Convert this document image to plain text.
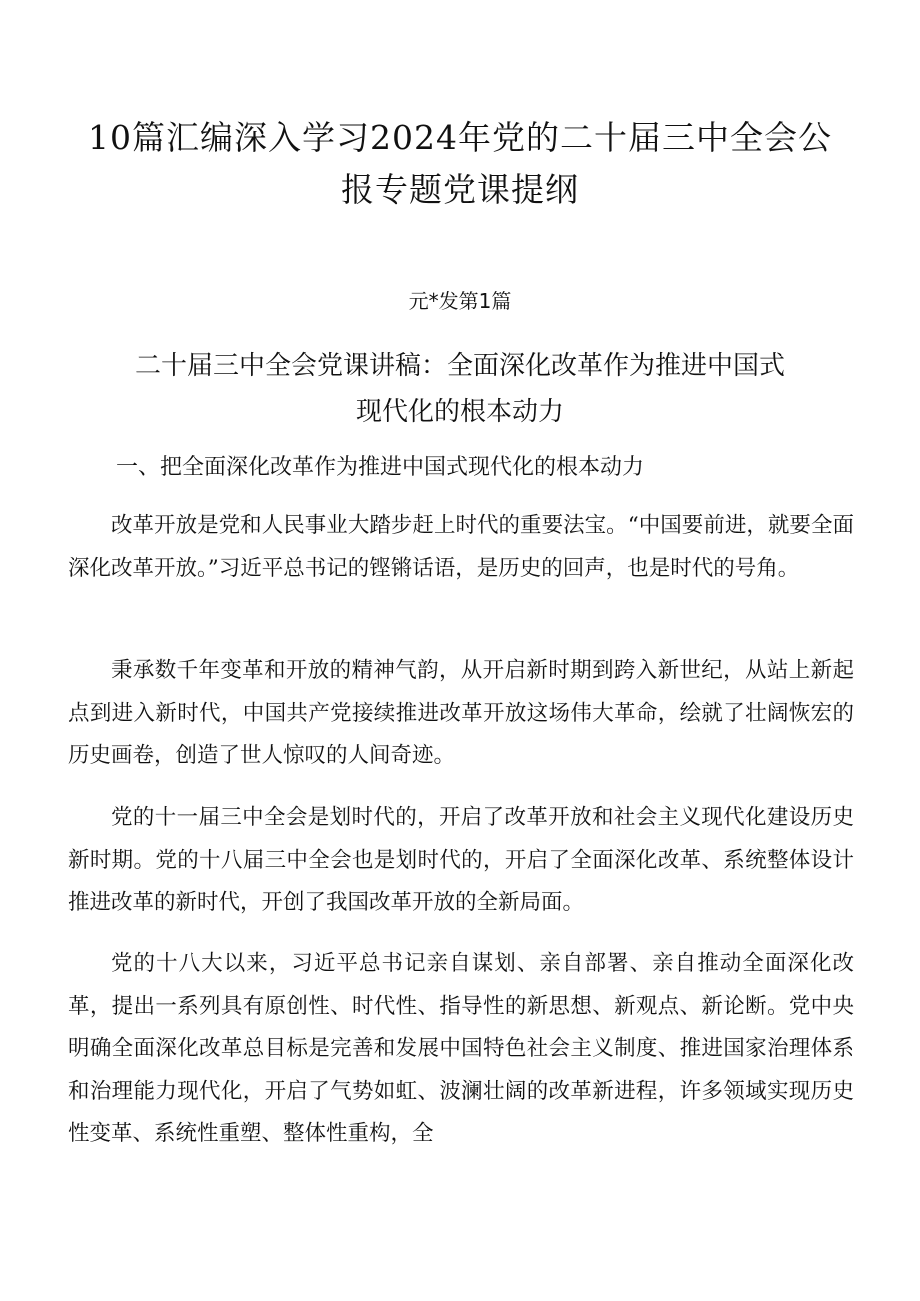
10篇汇编深入学习2024年党的二十届三中全会公
报专题党课提纲

元*发第1篇

二十届三中全会党课讲稿：全面深化改革作为推进中国式
现代化的根本动力
一、把全面深化改革作为推进中国式现代化的根本动力

改革开放是党和人民事业大踏步赶上时代的重要法宝。“中国要前进，就要全面深化改革开放。”习近平总书记的铿锵话语，是历史的回声，也是时代的号角。

秉承数千年变革和开放的精神气韵，从开启新时期到跨入新世纪，从站上新起点到进入新时代，中国共产党接续推进改革开放这场伟大革命，绘就了壮阔恢宏的历史画卷，创造了世人惊叹的人间奇迹。

党的十一届三中全会是划时代的，开启了改革开放和社会主义现代化建设历史新时期。党的十八届三中全会也是划时代的，开启了全面深化改革、系统整体设计推进改革的新时代，开创了我国改革开放的全新局面。

党的十八大以来，习近平总书记亲自谋划、亲自部署、亲自推动全面深化改革，提出一系列具有原创性、时代性、指导性的新思想、新观点、新论断。党中央明确全面深化改革总目标是完善和发展中国特色社会主义制度、推进国家治理体系和治理能力现代化，开启了气势如虹、波澜壮阔的改革新进程，许多领域实现历史性变革、系统性重塑、整体性重构，全
